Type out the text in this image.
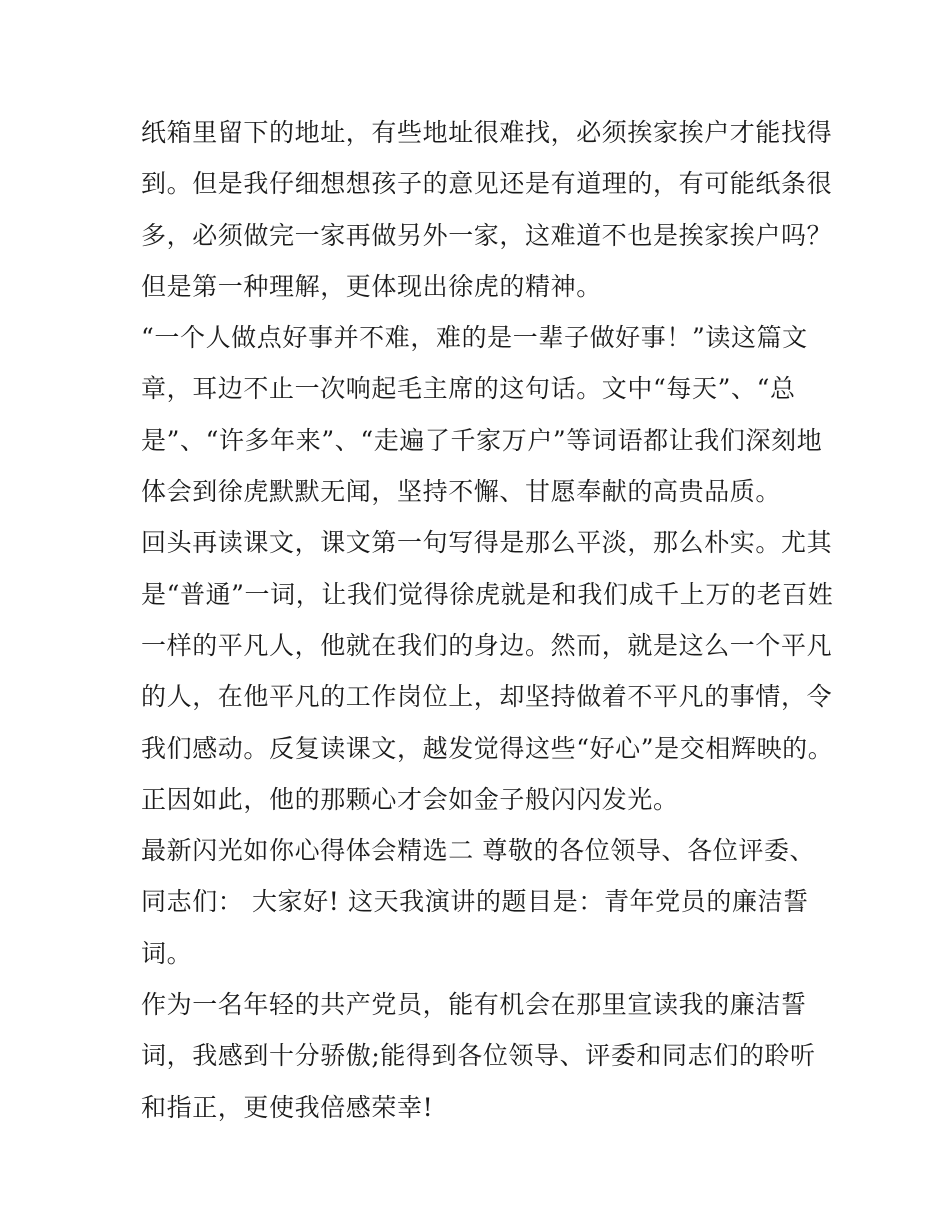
纸箱里留下的地址，有些地址很难找，必须挨家挨户才能找得
到。但是我仔细想想孩子的意见还是有道理的，有可能纸条很
多，必须做完一家再做另外一家，这难道不也是挨家挨户吗？
但是第一种理解，更体现出徐虎的精神。
“一个人做点好事并不难，难的是一辈子做好事！”读这篇文
章，耳边不止一次响起毛主席的这句话。文中“每天”、“总
是”、“许多年来”、“走遍了千家万户”等词语都让我们深刻地
体会到徐虎默默无闻，坚持不懈、甘愿奉献的高贵品质。
回头再读课文，课文第一句写得是那么平淡，那么朴实。尤其
是“普通”一词，让我们觉得徐虎就是和我们成千上万的老百姓
一样的平凡人，他就在我们的身边。然而，就是这么一个平凡
的人，在他平凡的工作岗位上，却坚持做着不平凡的事情，令
我们感动。反复读课文，越发觉得这些“好心”是交相辉映的。
正因如此，他的那颗心才会如金子般闪闪发光。
最新闪光如你心得体会精选二 尊敬的各位领导、各位评委、
同志们： 大家好! 这天我演讲的题目是：青年党员的廉洁誓
词。
作为一名年轻的共产党员，能有机会在那里宣读我的廉洁誓
词，我感到十分骄傲;能得到各位领导、评委和同志们的聆听
和指正，更使我倍感荣幸!
